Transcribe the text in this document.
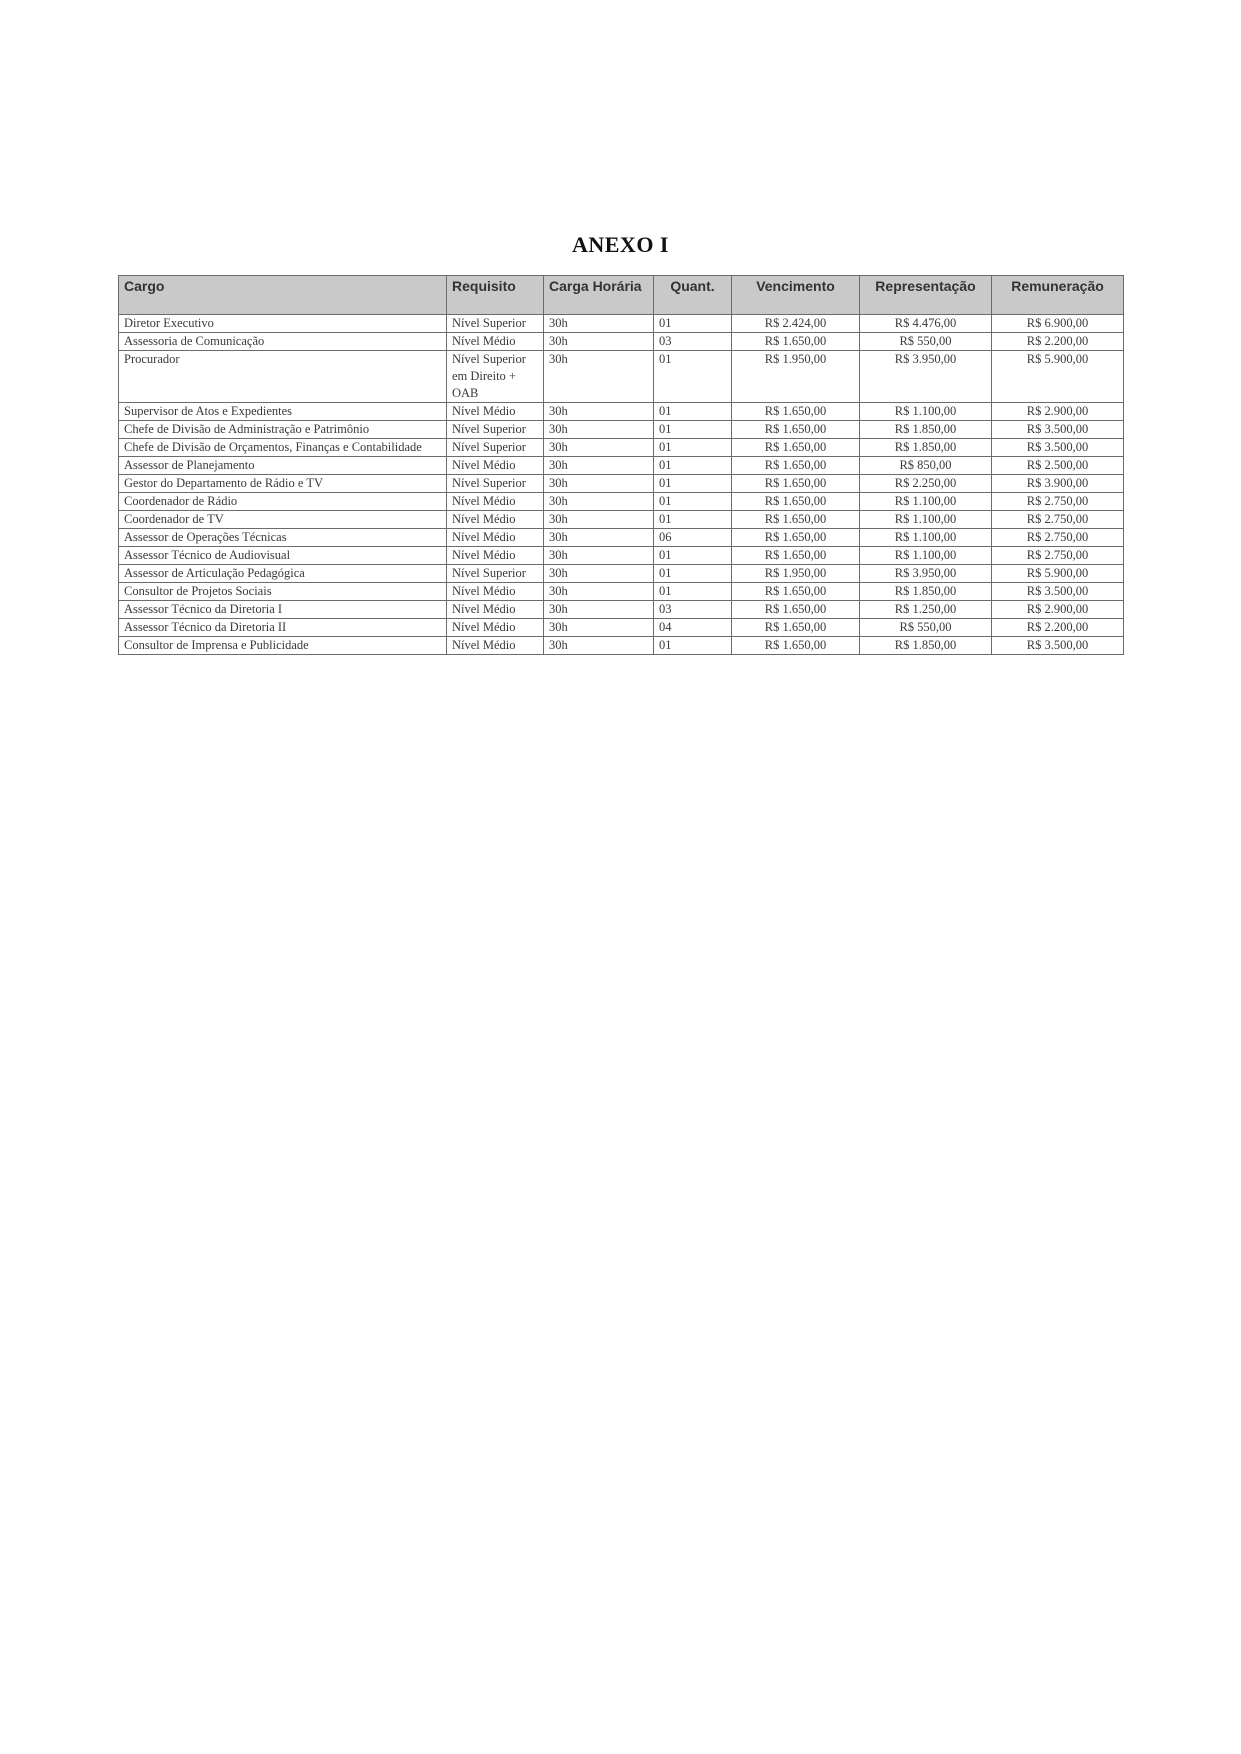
ANEXO I
Cargo	Requisito	Carga Horária	Quant.	Vencimento	Representação	Remuneração
Diretor Executivo	Nível Superior	30h	01	R$ 2.424,00	R$ 4.476,00	R$ 6.900,00
Assessoria de Comunicação	Nível Médio	30h	03	R$ 1.650,00	R$ 550,00	R$ 2.200,00
Procurador	Nível Superior em Direito + OAB	30h	01	R$ 1.950,00	R$ 3.950,00	R$ 5.900,00
Supervisor de Atos e Expedientes	Nível Médio	30h	01	R$ 1.650,00	R$ 1.100,00	R$ 2.900,00
Chefe de Divisão de Administração e Patrimônio	Nível Superior	30h	01	R$ 1.650,00	R$ 1.850,00	R$ 3.500,00
Chefe de Divisão de Orçamentos, Finanças e Contabilidade	Nível Superior	30h	01	R$ 1.650,00	R$ 1.850,00	R$ 3.500,00
Assessor de Planejamento	Nível Médio	30h	01	R$ 1.650,00	R$ 850,00	R$ 2.500,00
Gestor do Departamento de Rádio e TV	Nível Superior	30h	01	R$ 1.650,00	R$ 2.250,00	R$ 3.900,00
Coordenador de Rádio	Nível Médio	30h	01	R$ 1.650,00	R$ 1.100,00	R$ 2.750,00
Coordenador de TV	Nível Médio	30h	01	R$ 1.650,00	R$ 1.100,00	R$ 2.750,00
Assessor de Operações Técnicas	Nível Médio	30h	06	R$ 1.650,00	R$ 1.100,00	R$ 2.750,00
Assessor Técnico de Audiovisual	Nível Médio	30h	01	R$ 1.650,00	R$ 1.100,00	R$ 2.750,00
Assessor de Articulação Pedagógica	Nível Superior	30h	01	R$ 1.950,00	R$ 3.950,00	R$ 5.900,00
Consultor de Projetos Sociais	Nível Médio	30h	01	R$ 1.650,00	R$ 1.850,00	R$ 3.500,00
Assessor Técnico da Diretoria I	Nível Médio	30h	03	R$ 1.650,00	R$ 1.250,00	R$ 2.900,00
Assessor Técnico da Diretoria II	Nível Médio	30h	04	R$ 1.650,00	R$ 550,00	R$ 2.200,00
Consultor de Imprensa e Publicidade	Nível Médio	30h	01	R$ 1.650,00	R$ 1.850,00	R$ 3.500,00
